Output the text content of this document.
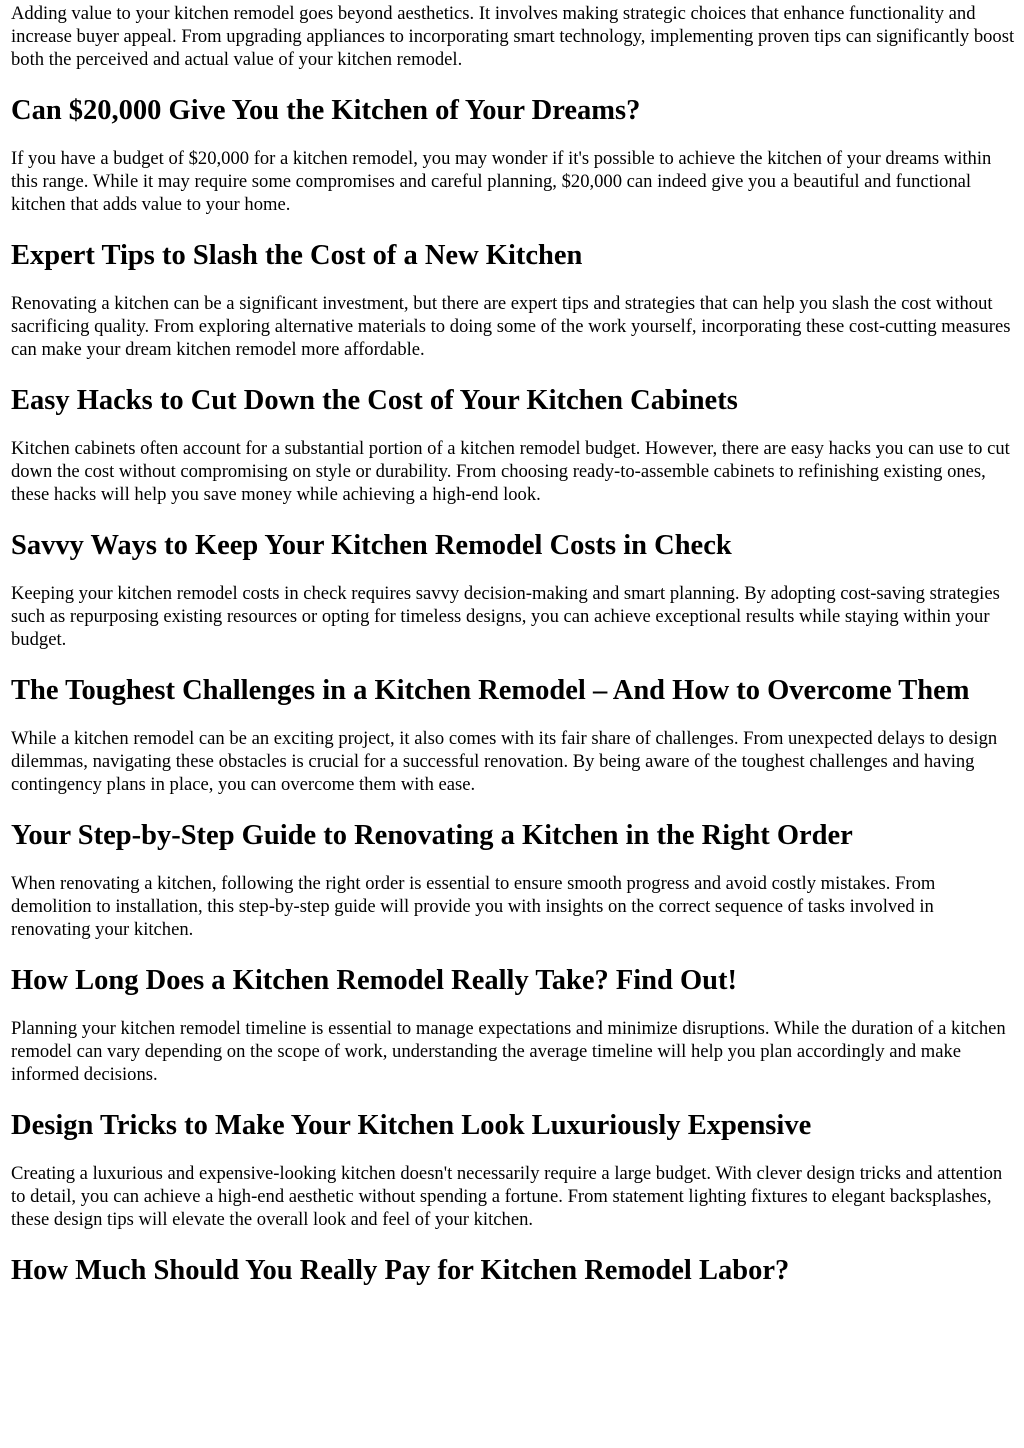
Adding value to your kitchen remodel goes beyond aesthetics. It involves making strategic choices that enhance functionality and increase buyer appeal. From upgrading appliances to incorporating smart technology, implementing proven tips can significantly boost both the perceived and actual value of your kitchen remodel.

Can $20,000 Give You the Kitchen of Your Dreams?

If you have a budget of $20,000 for a kitchen remodel, you may wonder if it's possible to achieve the kitchen of your dreams within this range. While it may require some compromises and careful planning, $20,000 can indeed give you a beautiful and functional kitchen that adds value to your home.

Expert Tips to Slash the Cost of a New Kitchen

Renovating a kitchen can be a significant investment, but there are expert tips and strategies that can help you slash the cost without sacrificing quality. From exploring alternative materials to doing some of the work yourself, incorporating these cost-cutting measures can make your dream kitchen remodel more affordable.

Easy Hacks to Cut Down the Cost of Your Kitchen Cabinets

Kitchen cabinets often account for a substantial portion of a kitchen remodel budget. However, there are easy hacks you can use to cut down the cost without compromising on style or durability. From choosing ready-to-assemble cabinets to refinishing existing ones, these hacks will help you save money while achieving a high-end look.

Savvy Ways to Keep Your Kitchen Remodel Costs in Check

Keeping your kitchen remodel costs in check requires savvy decision-making and smart planning. By adopting cost-saving strategies such as repurposing existing resources or opting for timeless designs, you can achieve exceptional results while staying within your budget.

The Toughest Challenges in a Kitchen Remodel – And How to Overcome Them

While a kitchen remodel can be an exciting project, it also comes with its fair share of challenges. From unexpected delays to design dilemmas, navigating these obstacles is crucial for a successful renovation. By being aware of the toughest challenges and having contingency plans in place, you can overcome them with ease.

Your Step-by-Step Guide to Renovating a Kitchen in the Right Order

When renovating a kitchen, following the right order is essential to ensure smooth progress and avoid costly mistakes. From demolition to installation, this step-by-step guide will provide you with insights on the correct sequence of tasks involved in renovating your kitchen.

How Long Does a Kitchen Remodel Really Take? Find Out!

Planning your kitchen remodel timeline is essential to manage expectations and minimize disruptions. While the duration of a kitchen remodel can vary depending on the scope of work, understanding the average timeline will help you plan accordingly and make informed decisions.

Design Tricks to Make Your Kitchen Look Luxuriously Expensive

Creating a luxurious and expensive-looking kitchen doesn't necessarily require a large budget. With clever design tricks and attention to detail, you can achieve a high-end aesthetic without spending a fortune. From statement lighting fixtures to elegant backsplashes, these design tips will elevate the overall look and feel of your kitchen.

How Much Should You Really Pay for Kitchen Remodel Labor?
